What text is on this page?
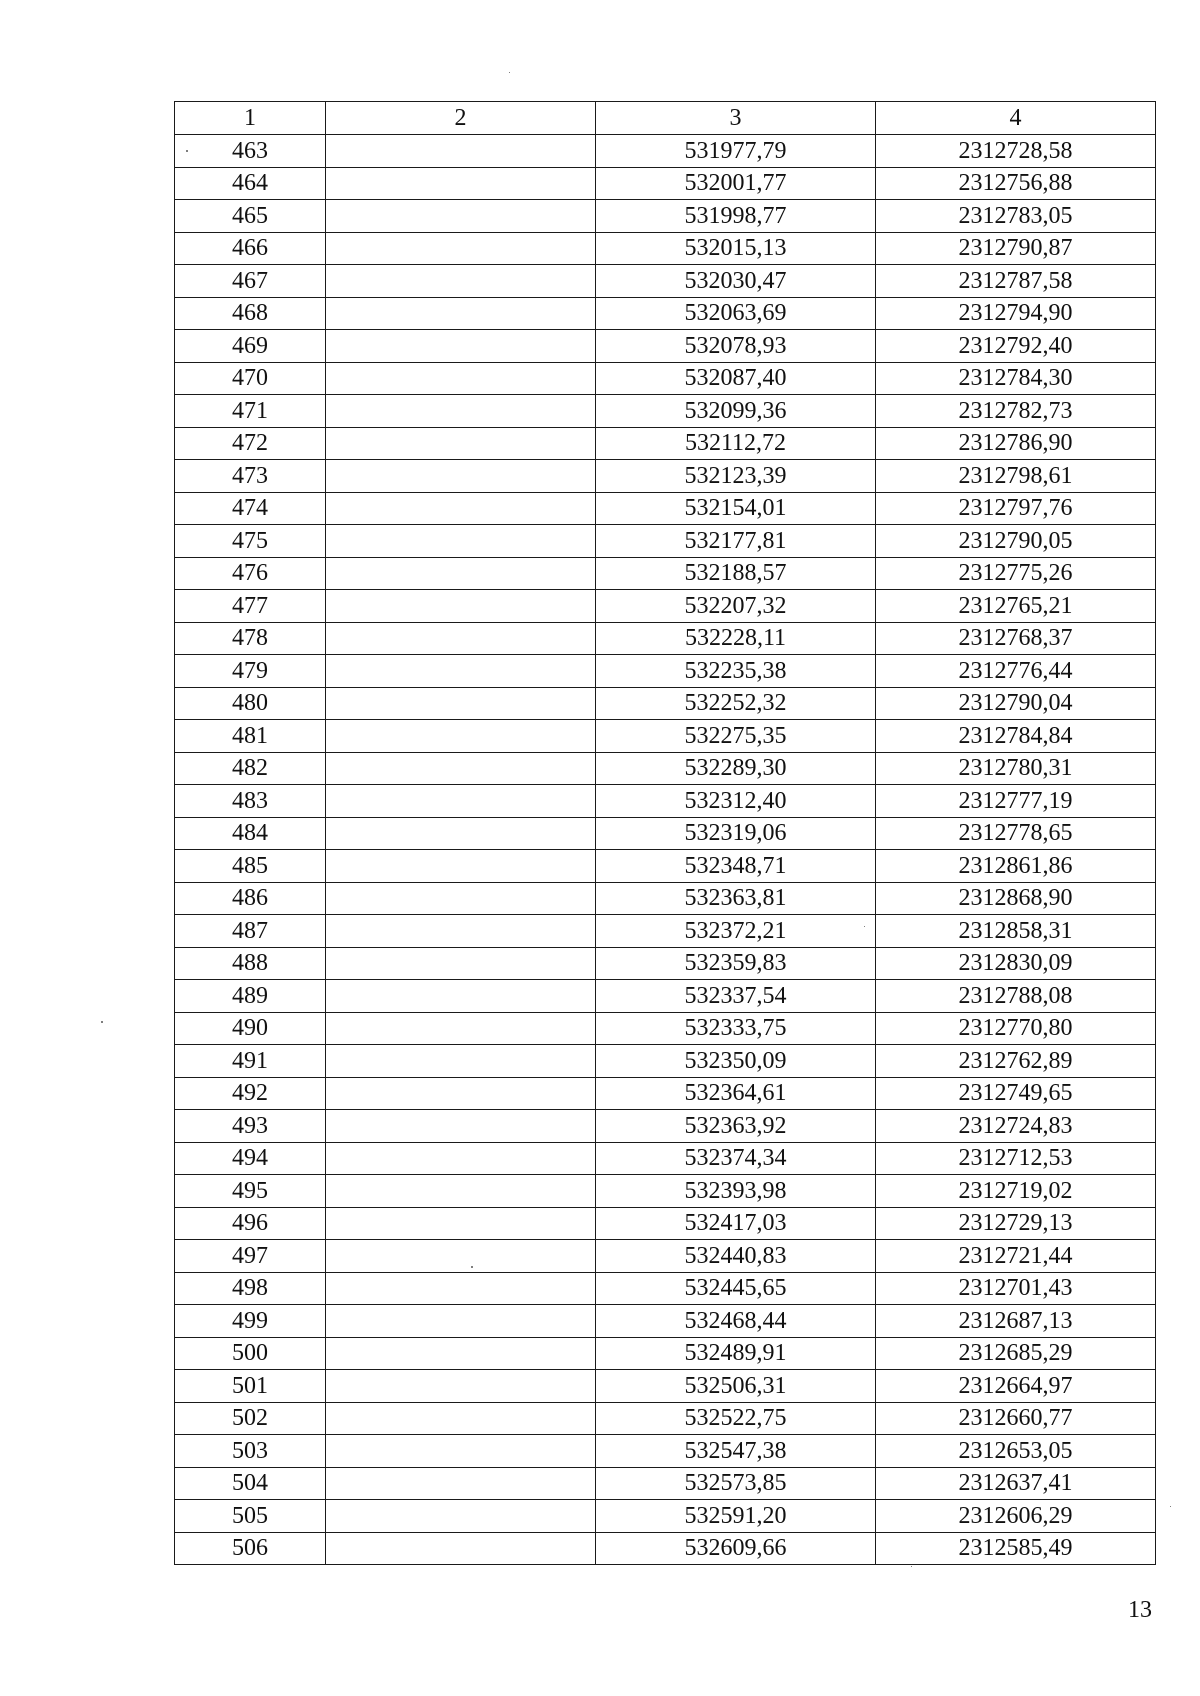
1	2	3	4
463		531977,79	2312728,58
464		532001,77	2312756,88
465		531998,77	2312783,05
466		532015,13	2312790,87
467		532030,47	2312787,58
468		532063,69	2312794,90
469		532078,93	2312792,40
470		532087,40	2312784,30
471		532099,36	2312782,73
472		532112,72	2312786,90
473		532123,39	2312798,61
474		532154,01	2312797,76
475		532177,81	2312790,05
476		532188,57	2312775,26
477		532207,32	2312765,21
478		532228,11	2312768,37
479		532235,38	2312776,44
480		532252,32	2312790,04
481		532275,35	2312784,84
482		532289,30	2312780,31
483		532312,40	2312777,19
484		532319,06	2312778,65
485		532348,71	2312861,86
486		532363,81	2312868,90
487		532372,21	2312858,31
488		532359,83	2312830,09
489		532337,54	2312788,08
490		532333,75	2312770,80
491		532350,09	2312762,89
492		532364,61	2312749,65
493		532363,92	2312724,83
494		532374,34	2312712,53
495		532393,98	2312719,02
496		532417,03	2312729,13
497		532440,83	2312721,44
498		532445,65	2312701,43
499		532468,44	2312687,13
500		532489,91	2312685,29
501		532506,31	2312664,97
502		532522,75	2312660,77
503		532547,38	2312653,05
504		532573,85	2312637,41
505		532591,20	2312606,29
506		532609,66	2312585,49
13
